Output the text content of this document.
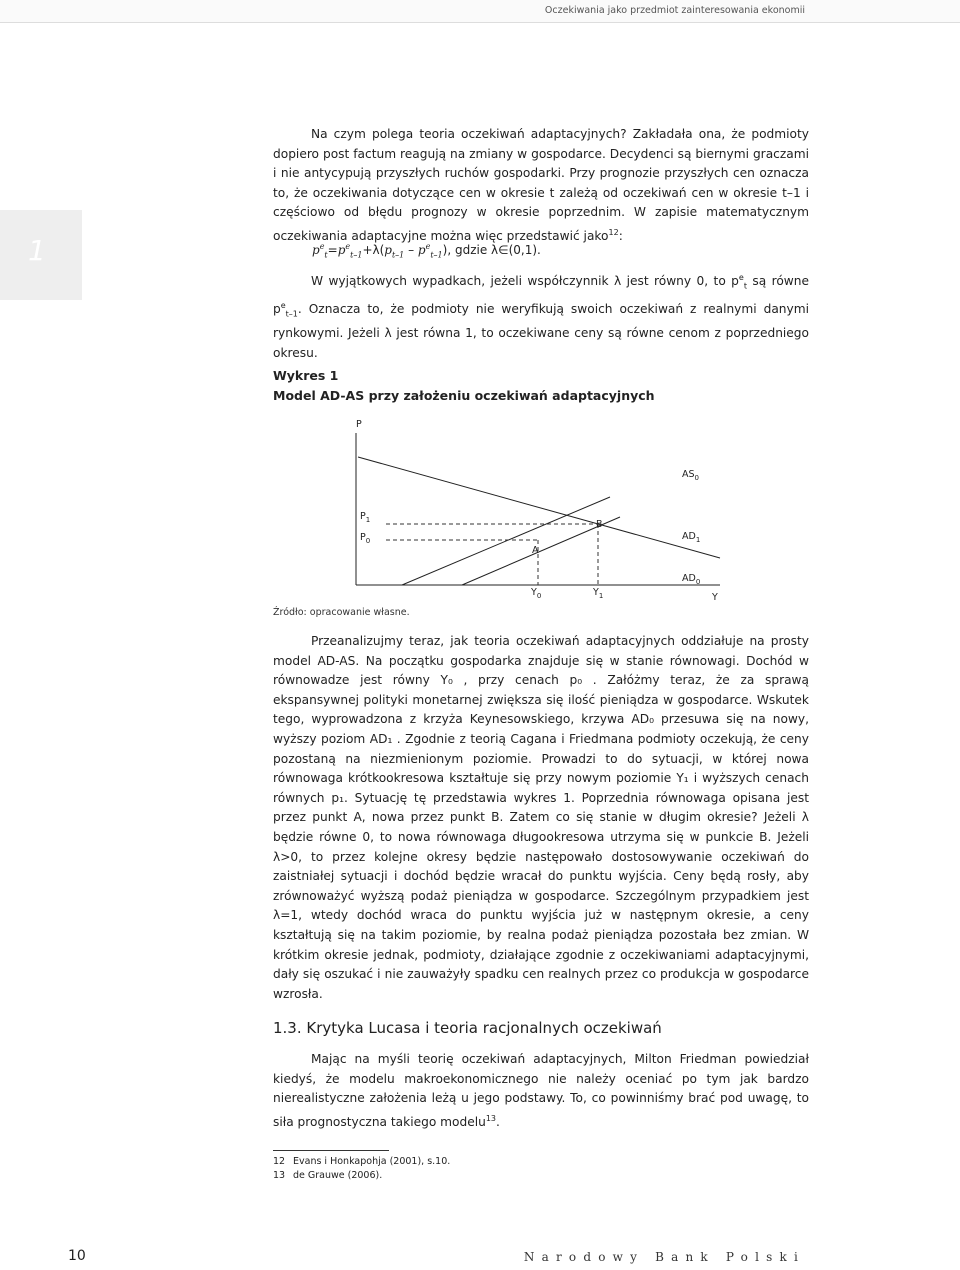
Oczekiwania jako przedmiot zainteresowania ekonomii
1
Na czym polega teoria oczekiwań adaptacyjnych? Zakładała ona, że podmioty dopiero post factum reagują na zmiany w gospodarce. Decydenci są biernymi graczami i nie antycypują przyszłych ruchów gospodarki. Przy prognozie przyszłych cen oznacza to, że oczekiwania dotyczące cen w okresie t zależą od oczekiwań cen w okresie t–1 i częściowo od błędu prognozy w okresie poprzednim. W zapisie matematycznym oczekiwania adaptacyjne można więc przedstawić jako$^{12}$:
$p^e_t=p^e_{t-1}+\lambda(p_{t-1} - p^e_{t-1})$, gdzie λ∈(0,1).
W wyjątkowych wypadkach, jeżeli współczynnik λ jest równy 0, to $p^e_t$ są równe $p^e_{t-1}$. Oznacza to, że podmioty nie weryfikują swoich oczekiwań z realnymi danymi rynkowymi. Jeżeli λ jest równa 1, to oczekiwane ceny są równe cenom z poprzedniego okresu.
Wykres 1
Model AD-AS przy założeniu oczekiwań adaptacyjnych
P
Y
$AS_0$
$AD_1$
$AD_0$
A
B
$P_1$
$P_0$
$Y_0$	$Y_1$
Źródło: opracowanie własne.
Przeanalizujmy teraz, jak teoria oczekiwań adaptacyjnych oddziałuje na prosty model AD-AS. Na początku gospodarka znajduje się w stanie równowagi. Dochód w równowadze jest równy Y₀ , przy cenach p₀ . Załóżmy teraz, że za sprawą ekspansywnej polityki monetarnej zwiększa się ilość pieniądza w gospodarce. Wskutek tego, wyprowadzona z krzyża Keynesowskiego, krzywa AD₀ przesuwa się na nowy, wyższy poziom AD₁ . Zgodnie z teorią Cagana i Friedmana podmioty oczekują, że ceny pozostaną na niezmienionym poziomie. Prowadzi to do sytuacji, w której nowa równowaga krótkookresowa kształtuje się przy nowym poziomie Y₁ i wyższych cenach równych p₁. Sytuację tę przedstawia wykres 1. Poprzednia równowaga opisana jest przez punkt A, nowa przez punkt B. Zatem co się stanie w długim okresie? Jeżeli λ będzie równe 0, to nowa równowaga długookresowa utrzyma się w punkcie B. Jeżeli λ>0, to przez kolejne okresy będzie następowało dostosowywanie oczekiwań do zaistniałej sytuacji i dochód będzie wracał do punktu wyjścia. Ceny będą rosły, aby zrównoważyć wyższą podaż pieniądza w gospodarce. Szczególnym przypadkiem jest λ=1, wtedy dochód wraca do punktu wyjścia już w następnym okresie, a ceny kształtują się na takim poziomie, by realna podaż pieniądza pozostała bez zmian. W krótkim okresie jednak, podmioty, działające zgodnie z oczekiwaniami adaptacyjnymi, dały się oszukać i nie zauważyły spadku cen realnych przez co produkcja w gospodarce wzrosła.
1.3. Krytyka Lucasa i teoria racjonalnych oczekiwań
Mając na myśli teorię oczekiwań adaptacyjnych, Milton Friedman powiedział kiedyś, że modelu makroekonomicznego nie należy oceniać po tym jak bardzo nierealistyczne założenia leżą u jego podstawy. To, co powinniśmy brać pod uwagę, to siła prognostyczna takiego modelu$^{13}$.
12 Evans i Honkapohja (2001), s.10.
13 de Grauwe (2006).
10	Narodowy Bank Polski
